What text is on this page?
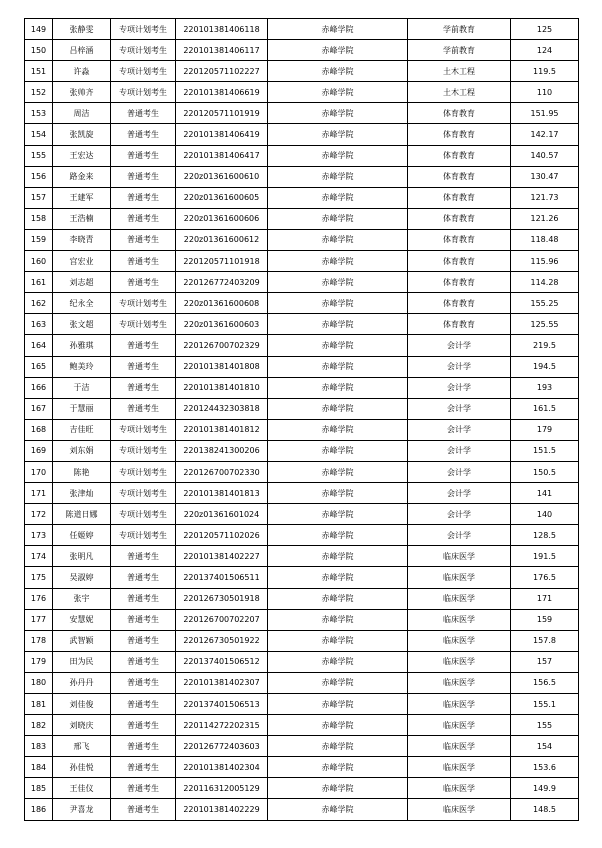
149	张静雯	专项计划考生	220101381406118	赤峰学院	学前教育	125
150	吕梓涵	专项计划考生	220101381406117	赤峰学院	学前教育	124
151	许淼	专项计划考生	220120571102227	赤峰学院	土木工程	119.5
152	张帅齐	专项计划考生	220101381406619	赤峰学院	土木工程	110
153	周洁	普通考生	220120571101919	赤峰学院	体育教育	151.95
154	张凯旋	普通考生	220101381406419	赤峰学院	体育教育	142.17
155	王宏达	普通考生	220101381406417	赤峰学院	体育教育	140.57
156	路金来	普通考生	220z01361600610	赤峰学院	体育教育	130.47
157	王建军	普通考生	220z01361600605	赤峰学院	体育教育	121.73
158	王浩楠	普通考生	220z01361600606	赤峰学院	体育教育	121.26
159	李晓青	普通考生	220z01361600612	赤峰学院	体育教育	118.48
160	宫宏业	普通考生	220120571101918	赤峰学院	体育教育	115.96
161	刘志超	普通考生	220126772403209	赤峰学院	体育教育	114.28
162	纪永全	专项计划考生	220z01361600608	赤峰学院	体育教育	155.25
163	张文超	专项计划考生	220z01361600603	赤峰学院	体育教育	125.55
164	孙雅琪	普通考生	220126700702329	赤峰学院	会计学	219.5
165	鲍美玲	普通考生	220101381401808	赤峰学院	会计学	194.5
166	于洁	普通考生	220101381401810	赤峰学院	会计学	193
167	于慧丽	普通考生	220124432303818	赤峰学院	会计学	161.5
168	吉佳旺	专项计划考生	220101381401812	赤峰学院	会计学	179
169	刘东娟	专项计划考生	220138241300206	赤峰学院	会计学	151.5
170	陈艳	专项计划考生	220126700702330	赤峰学院	会计学	150.5
171	张津灿	专项计划考生	220101381401813	赤峰学院	会计学	141
172	陈道日娜	专项计划考生	220z01361601024	赤峰学院	会计学	140
173	任姬婷	专项计划考生	220120571102026	赤峰学院	会计学	128.5
174	张明凡	普通考生	220101381402227	赤峰学院	临床医学	191.5
175	吴淑婷	普通考生	220137401506511	赤峰学院	临床医学	176.5
176	张宇	普通考生	220126730501918	赤峰学院	临床医学	171
177	安慧妮	普通考生	220126700702207	赤峰学院	临床医学	159
178	武智颖	普通考生	220126730501922	赤峰学院	临床医学	157.8
179	田为民	普通考生	220137401506512	赤峰学院	临床医学	157
180	孙丹丹	普通考生	220101381402307	赤峰学院	临床医学	156.5
181	刘佳俊	普通考生	220137401506513	赤峰学院	临床医学	155.1
182	刘晓庆	普通考生	220114272202315	赤峰学院	临床医学	155
183	邢飞	普通考生	220126772403603	赤峰学院	临床医学	154
184	孙佳悦	普通考生	220101381402304	赤峰学院	临床医学	153.6
185	王佳仪	普通考生	220116312005129	赤峰学院	临床医学	149.9
186	尹喜龙	普通考生	220101381402229	赤峰学院	临床医学	148.5
